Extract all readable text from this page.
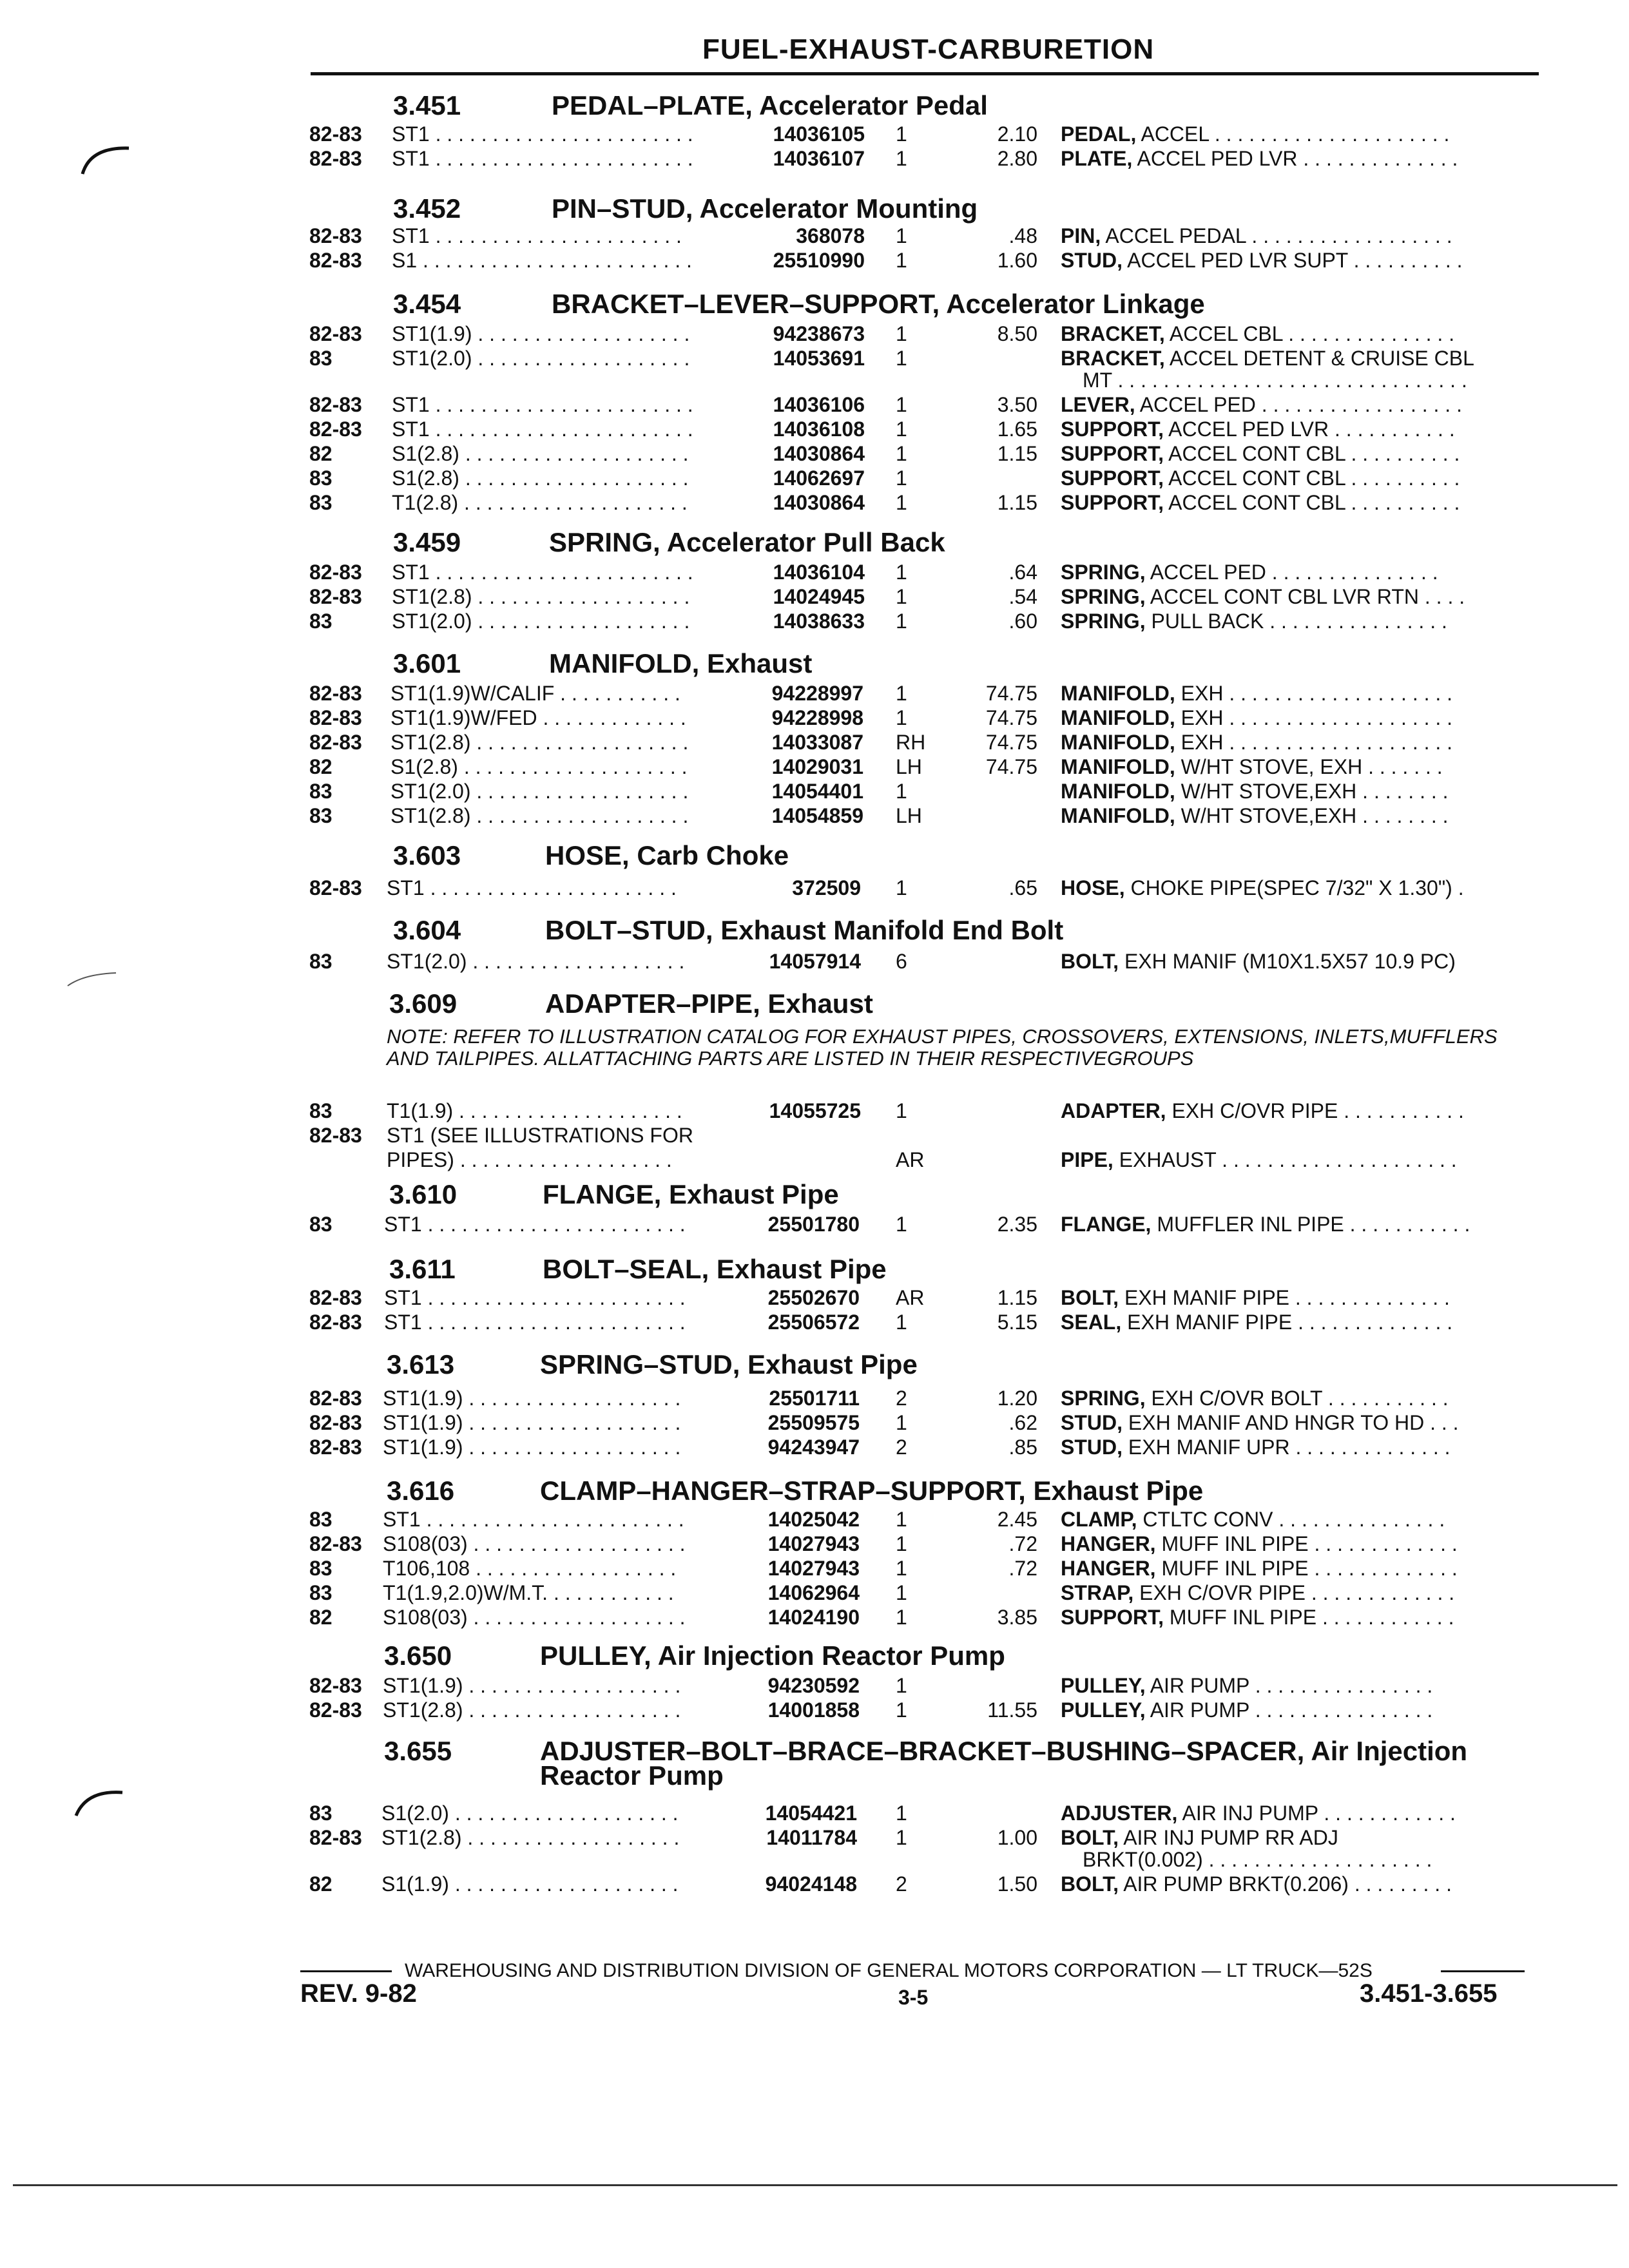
FUEL-EXHAUST-CARBURETION
3.451	PEDAL–PLATE, Accelerator Pedal
82-83 ST1 . . . . . . . . . . . . . . . . . . . . . . .	14036105 1	2.10 PEDAL, ACCEL . . . . . . . . . . . . . . . . . . . . .
82-83 ST1 . . . . . . . . . . . . . . . . . . . . . . .	14036107 1	2.80 PLATE, ACCEL PED LVR . . . . . . . . . . . . . .
3.452	PIN–STUD, Accelerator Mounting
82-83 ST1 . . . . . . . . . . . . . . . . . . . . . .	368078 1	.48 PIN, ACCEL PEDAL . . . . . . . . . . . . . . . . . .
82-83 S1 . . . . . . . . . . . . . . . . . . . . . . . .	25510990 1	1.60 STUD, ACCEL PED LVR SUPT . . . . . . . . . .
3.454	BRACKET–LEVER–SUPPORT, Accelerator Linkage
82-83 ST1(1.9) . . . . . . . . . . . . . . . . . . .	94238673 1	8.50 BRACKET, ACCEL CBL . . . . . . . . . . . . . . .
83	ST1(2.0) . . . . . . . . . . . . . . . . . . .	14053691 1	BRACKET, ACCEL DETENT & CRUISE CBL
MT . . . . . . . . . . . . . . . . . . . . . . . . . . . . . . .
82-83 ST1 . . . . . . . . . . . . . . . . . . . . . . .	14036106 1	3.50 LEVER, ACCEL PED . . . . . . . . . . . . . . . . . .
82-83 ST1 . . . . . . . . . . . . . . . . . . . . . . .	14036108 1	1.65 SUPPORT, ACCEL PED LVR . . . . . . . . . . .
82	S1(2.8) . . . . . . . . . . . . . . . . . . . .	14030864 1	1.15 SUPPORT, ACCEL CONT CBL . . . . . . . . . .
83	S1(2.8) . . . . . . . . . . . . . . . . . . . .	14062697 1	SUPPORT, ACCEL CONT CBL . . . . . . . . . .
83	T1(2.8) . . . . . . . . . . . . . . . . . . . .	14030864 1	1.15 SUPPORT, ACCEL CONT CBL . . . . . . . . . .
3.459	SPRING, Accelerator Pull Back
82-83 ST1 . . . . . . . . . . . . . . . . . . . . . . .	14036104 1	.64 SPRING, ACCEL PED . . . . . . . . . . . . . . .
82-83 ST1(2.8) . . . . . . . . . . . . . . . . . . .	14024945 1	.54 SPRING, ACCEL CONT CBL LVR RTN . . . .
83	ST1(2.0) . . . . . . . . . . . . . . . . . . .	14038633 1	.60 SPRING, PULL BACK . . . . . . . . . . . . . . . .
3.601	MANIFOLD, Exhaust
82-83 ST1(1.9)W/CALIF . . . . . . . . . . .	94228997 1	74.75 MANIFOLD, EXH . . . . . . . . . . . . . . . . . . . .
82-83 ST1(1.9)W/FED . . . . . . . . . . . . .	94228998 1	74.75 MANIFOLD, EXH . . . . . . . . . . . . . . . . . . . .
82-83 ST1(2.8) . . . . . . . . . . . . . . . . . . .	14033087 RH	74.75 MANIFOLD, EXH . . . . . . . . . . . . . . . . . . . .
82	S1(2.8) . . . . . . . . . . . . . . . . . . . .	14029031 LH	74.75 MANIFOLD, W/HT STOVE, EXH . . . . . . .
83	ST1(2.0) . . . . . . . . . . . . . . . . . . .	14054401 1	MANIFOLD, W/HT STOVE,EXH . . . . . . . .
83	ST1(2.8) . . . . . . . . . . . . . . . . . . .	14054859 LH	MANIFOLD, W/HT STOVE,EXH . . . . . . . .
3.603	HOSE, Carb Choke
82-83 ST1 . . . . . . . . . . . . . . . . . . . . . .	372509 1	.65 HOSE, CHOKE PIPE(SPEC 7/32" X 1.30") .
3.604	BOLT–STUD, Exhaust Manifold End Bolt
83	ST1(2.0) . . . . . . . . . . . . . . . . . . .	14057914 6	BOLT, EXH MANIF (M10X1.5X57 10.9 PC)
3.609	ADAPTER–PIPE, Exhaust
NOTE: REFER TO ILLUSTRATION CATALOG FOR EXHAUST PIPES, CROSSOVERS, EXTENSIONS, INLETS,MUFFLERS AND TAILPIPES. ALLATTACHING PARTS ARE LISTED IN THEIR RESPECTIVEGROUPS
83	T1(1.9) . . . . . . . . . . . . . . . . . . . .	14055725 1	ADAPTER, EXH C/OVR PIPE . . . . . . . . . . .
82-83 ST1 (SEE ILLUSTRATIONS FOR
PIPES) . . . . . . . . . . . . . . . . . . .	AR	PIPE, EXHAUST . . . . . . . . . . . . . . . . . . . . .
3.610	FLANGE, Exhaust Pipe
83	ST1 . . . . . . . . . . . . . . . . . . . . . . .	25501780 1	2.35 FLANGE, MUFFLER INL PIPE . . . . . . . . . . .
3.611	BOLT–SEAL, Exhaust Pipe
82-83 ST1 . . . . . . . . . . . . . . . . . . . . . . .	25502670 AR	1.15 BOLT, EXH MANIF PIPE . . . . . . . . . . . . . .
82-83 ST1 . . . . . . . . . . . . . . . . . . . . . . .	25506572 1	5.15 SEAL, EXH MANIF PIPE . . . . . . . . . . . . . .
3.613	SPRING–STUD, Exhaust Pipe
82-83 ST1(1.9) . . . . . . . . . . . . . . . . . . .	25501711 2	1.20 SPRING, EXH C/OVR BOLT . . . . . . . . . . .
82-83 ST1(1.9) . . . . . . . . . . . . . . . . . . .	25509575 1	.62 STUD, EXH MANIF AND HNGR TO HD . . .
82-83 ST1(1.9) . . . . . . . . . . . . . . . . . . .	94243947 2	.85 STUD, EXH MANIF UPR . . . . . . . . . . . . . .
3.616	CLAMP–HANGER–STRAP–SUPPORT, Exhaust Pipe
83 ST1 . . . . . . . . . . . . . . . . . . . . . . .	14025042 1	2.45 CLAMP, CTLTC CONV . . . . . . . . . . . . . . .
82-83 S108(03) . . . . . . . . . . . . . . . . . . .	14027943 1	.72 HANGER, MUFF INL PIPE . . . . . . . . . . . . .
83 T106,108 . . . . . . . . . . . . . . . . . .	14027943 1	.72 HANGER, MUFF INL PIPE . . . . . . . . . . . . .
83 T1(1.9,2.0)W/M.T. . . . . . . . . . . .	14062964 1	STRAP, EXH C/OVR PIPE . . . . . . . . . . . . .
82 S108(03) . . . . . . . . . . . . . . . . . . .	14024190 1	3.85 SUPPORT, MUFF INL PIPE . . . . . . . . . . . .
3.650	PULLEY, Air Injection Reactor Pump
82-83 ST1(1.9) . . . . . . . . . . . . . . . . . . .	94230592 1	PULLEY, AIR PUMP . . . . . . . . . . . . . . . .
82-83 ST1(2.8) . . . . . . . . . . . . . . . . . . .	14001858 1	11.55 PULLEY, AIR PUMP . . . . . . . . . . . . . . . .
3.655	ADJUSTER–BOLT–BRACE–BRACKET–BUSHING–SPACER, Air Injection
Reactor Pump
83 S1(2.0) . . . . . . . . . . . . . . . . . . . .	14054421 1	ADJUSTER, AIR INJ PUMP . . . . . . . . . . . .
82-83 ST1(2.8) . . . . . . . . . . . . . . . . . . .	14011784 1	1.00 BOLT, AIR INJ PUMP RR ADJ
BRKT(0.002) . . . . . . . . . . . . . . . . . . . .
82 S1(1.9) . . . . . . . . . . . . . . . . . . . .	94024148 2	1.50 BOLT, AIR PUMP BRKT(0.206) . . . . . . . . .
WAREHOUSING AND DISTRIBUTION DIVISION OF GENERAL MOTORS CORPORATION — LT TRUCK—52S
REV. 9-82	3-5	3.451-3.655
